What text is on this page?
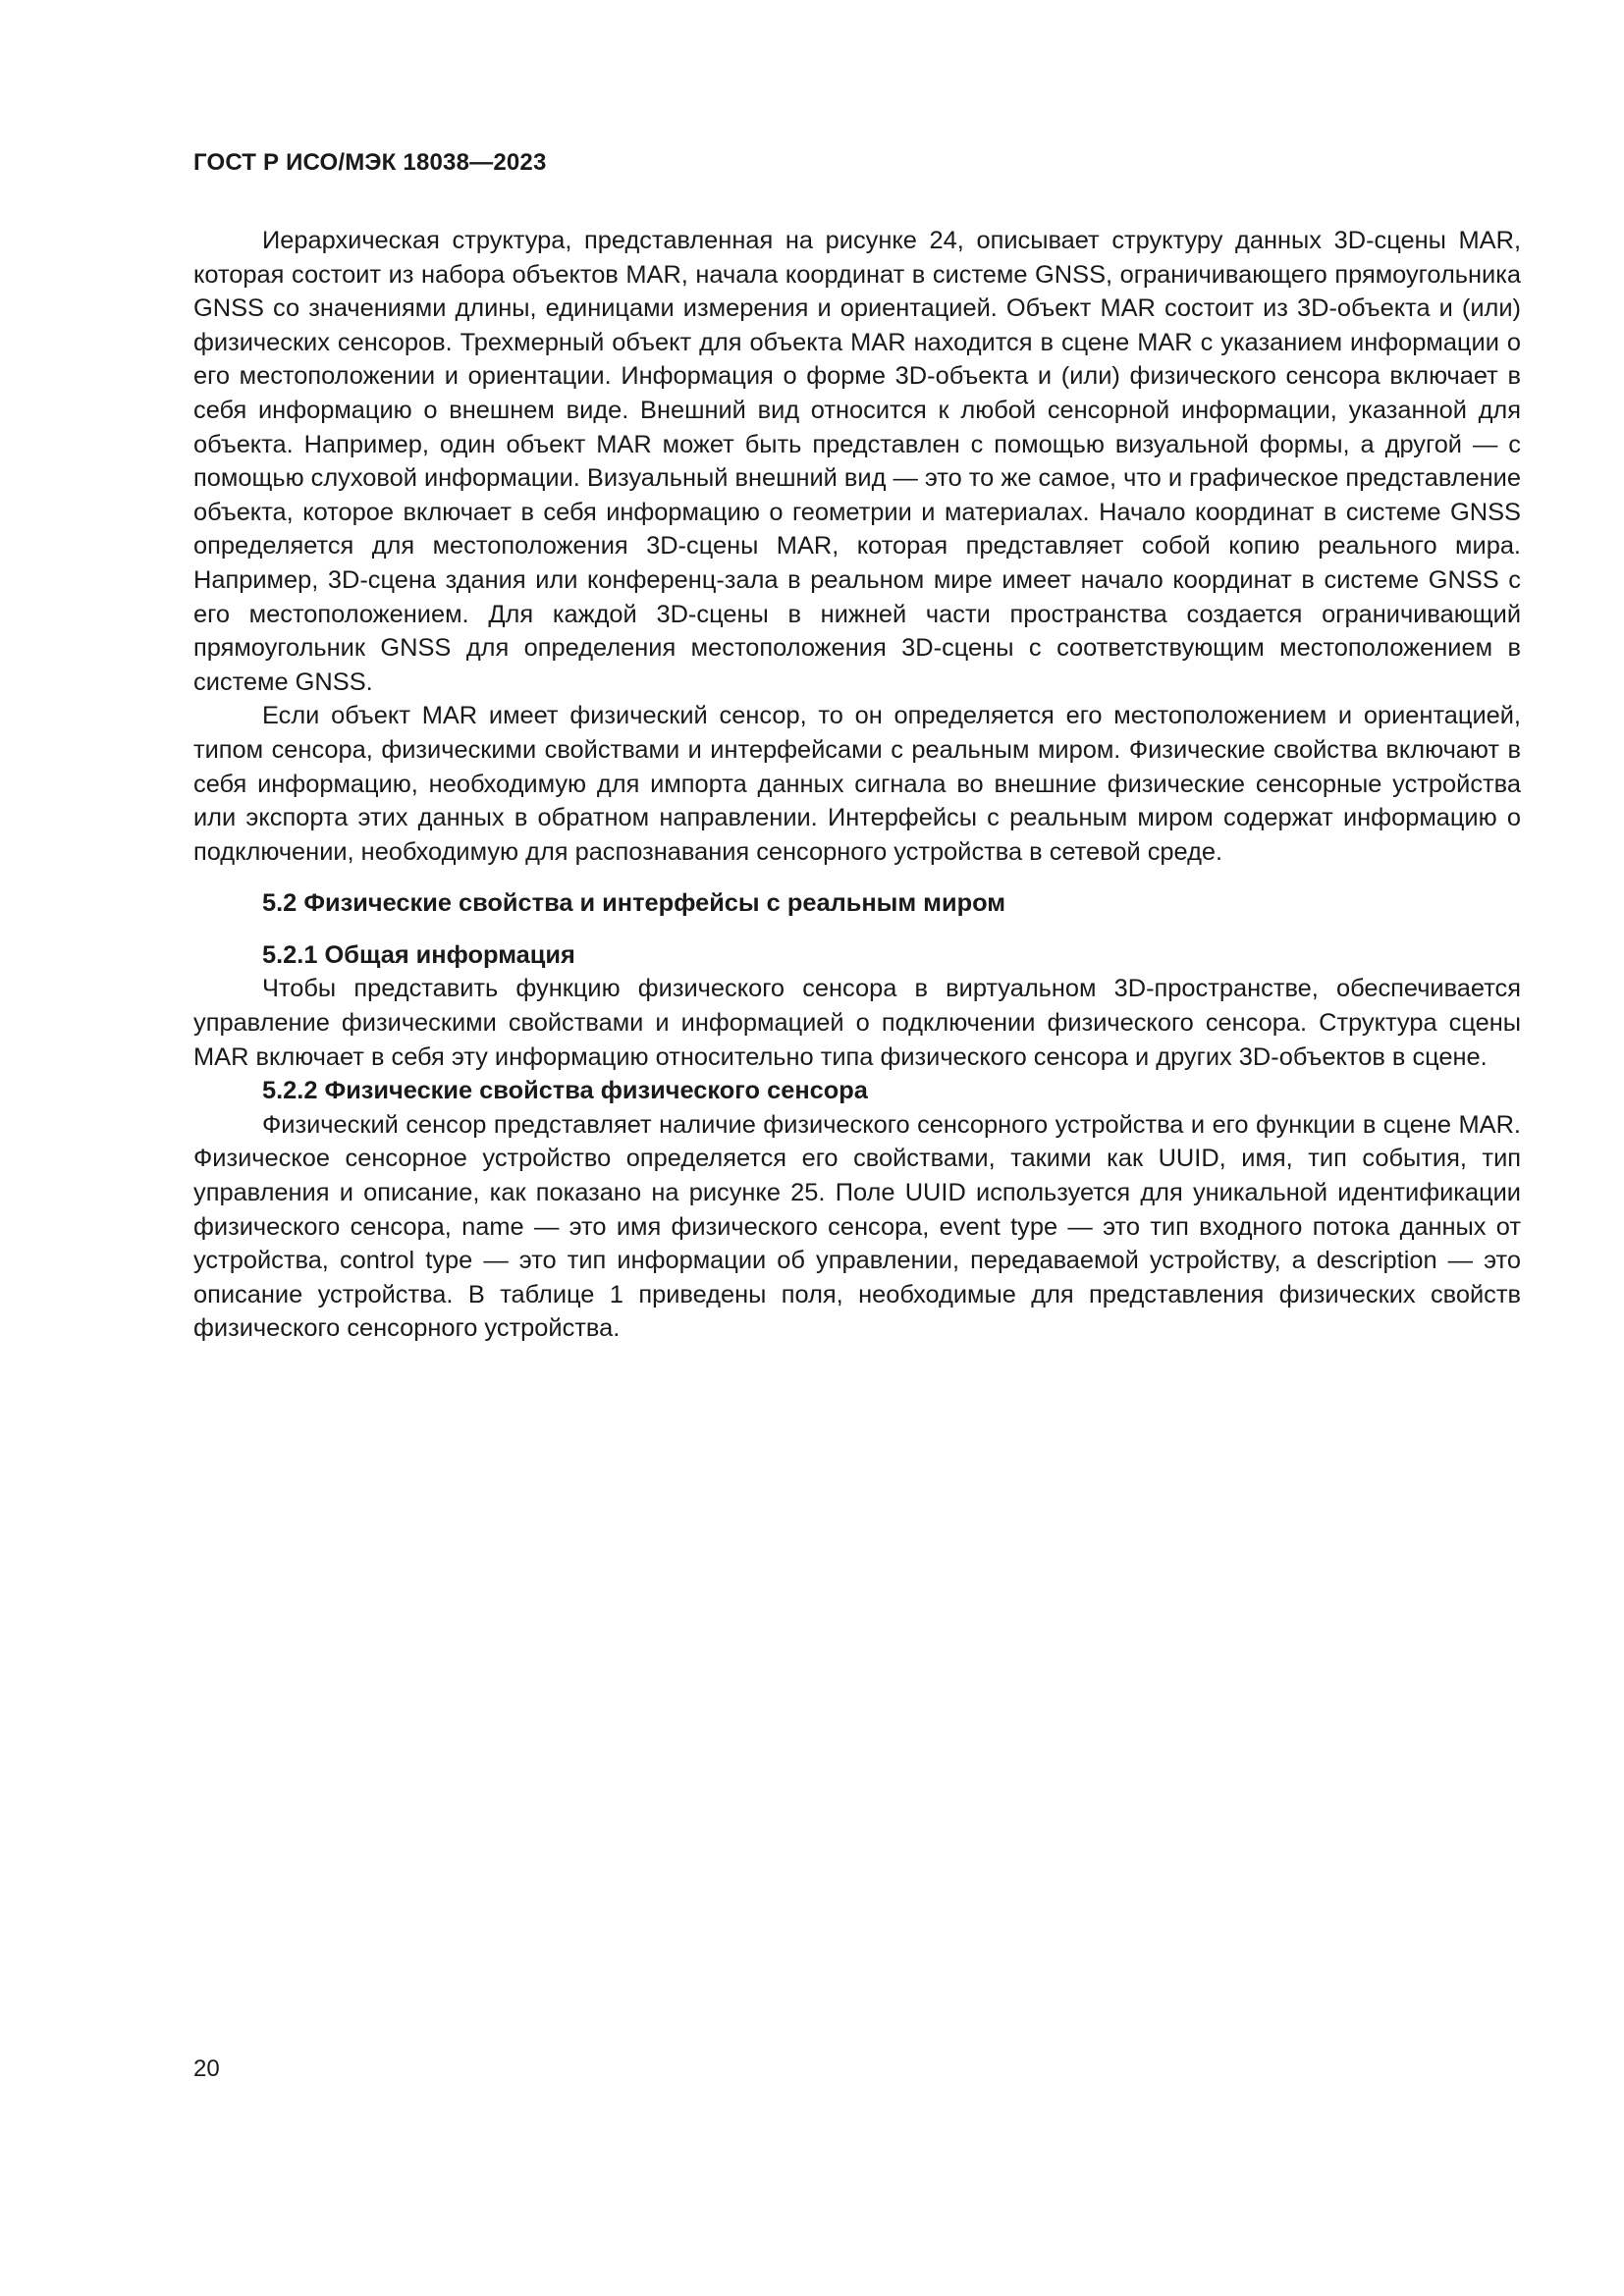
ГОСТ Р ИСО/МЭК 18038—2023

Иерархическая структура, представленная на рисунке 24, описывает структуру данных 3D-сцены MAR, которая состоит из набора объектов MAR, начала координат в системе GNSS, ограничивающего прямоугольника GNSS со значениями длины, единицами измерения и ориентацией. Объект MAR состоит из 3D-объекта и (или) физических сенсоров. Трехмерный объект для объекта MAR находится в сцене MAR с указанием информации о его местоположении и ориентации. Информация о форме 3D-объекта и (или) физического сенсора включает в себя информацию о внешнем виде. Внешний вид относится к любой сенсорной информации, указанной для объекта. Например, один объект MAR может быть представлен с помощью визуальной формы, а другой — с помощью слуховой информации. Визуальный внешний вид — это то же самое, что и графическое представление объекта, которое включает в себя информацию о геометрии и материалах. Начало координат в системе GNSS определяется для местоположения 3D-сцены MAR, которая представляет собой копию реального мира. Например, 3D-сцена здания или конференц-зала в реальном мире имеет начало координат в системе GNSS с его местоположением. Для каждой 3D-сцены в нижней части пространства создается ограничивающий прямоугольник GNSS для определения местоположения 3D-сцены с соответствующим местоположением в системе GNSS.

Если объект MAR имеет физический сенсор, то он определяется его местоположением и ориентацией, типом сенсора, физическими свойствами и интерфейсами с реальным миром. Физические свойства включают в себя информацию, необходимую для импорта данных сигнала во внешние физические сенсорные устройства или экспорта этих данных в обратном направлении. Интерфейсы с реальным миром содержат информацию о подключении, необходимую для распознавания сенсорного устройства в сетевой среде.

5.2 Физические свойства и интерфейсы с реальным миром

5.2.1 Общая информация

Чтобы представить функцию физического сенсора в виртуальном 3D-пространстве, обеспечивается управление физическими свойствами и информацией о подключении физического сенсора. Структура сцены MAR включает в себя эту информацию относительно типа физического сенсора и других 3D-объектов в сцене.

5.2.2 Физические свойства физического сенсора

Физический сенсор представляет наличие физического сенсорного устройства и его функции в сцене MAR. Физическое сенсорное устройство определяется его свойствами, такими как UUID, имя, тип события, тип управления и описание, как показано на рисунке 25. Поле UUID используется для уникальной идентификации физического сенсора, name — это имя физического сенсора, event type — это тип входного потока данных от устройства, control type — это тип информации об управлении, передаваемой устройству, а description — это описание устройства. В таблице 1 приведены поля, необходимые для представления физических свойств физического сенсорного устройства.

20
